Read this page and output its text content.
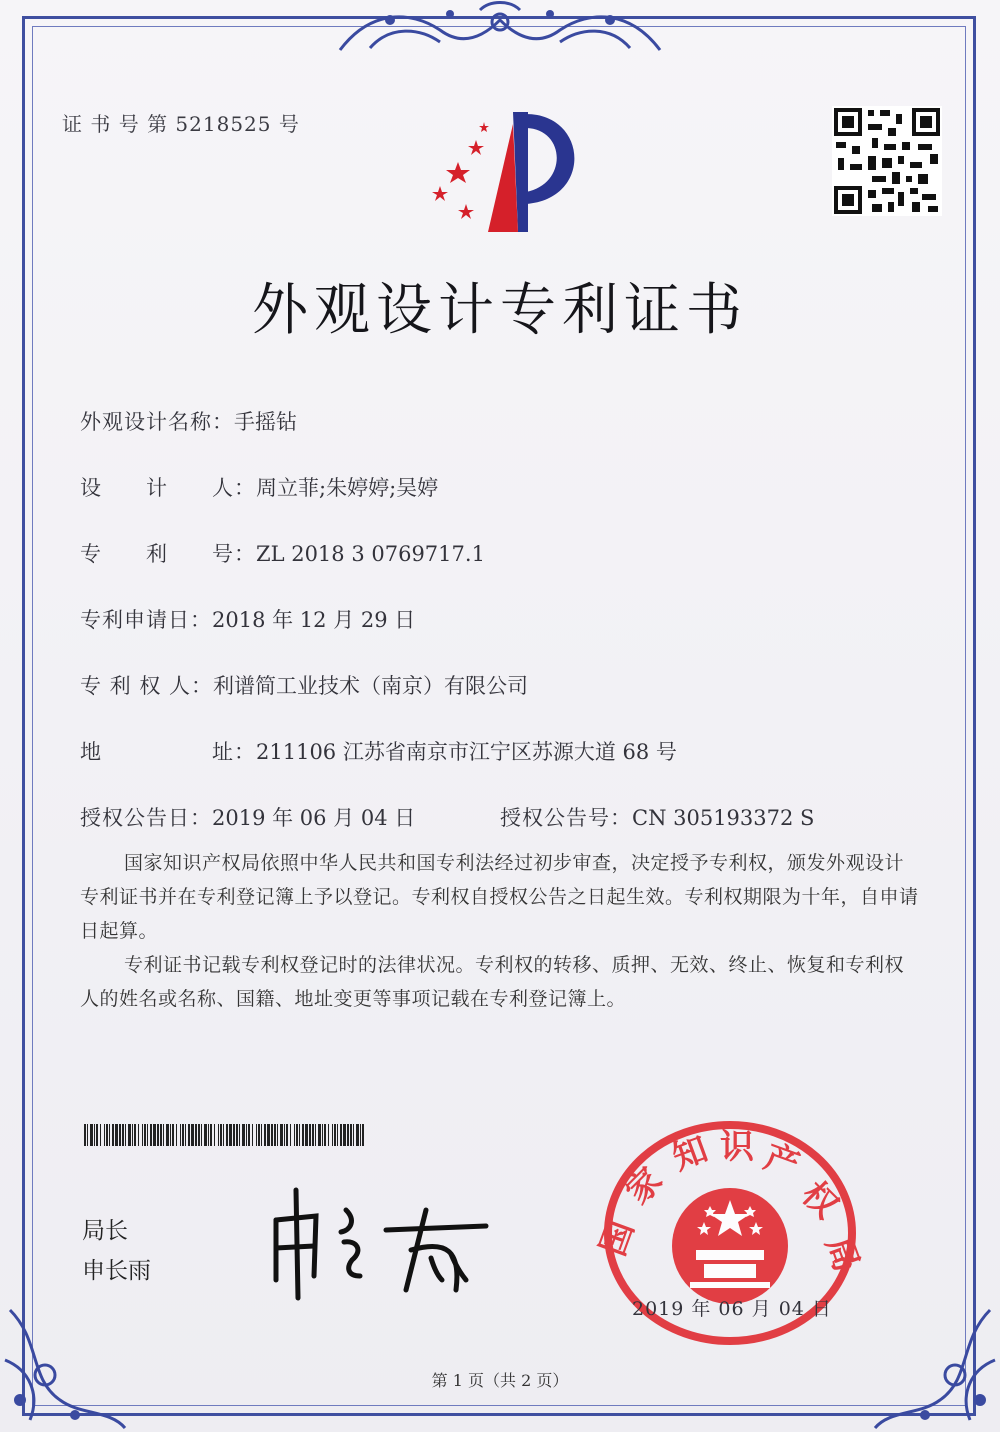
证 书 号 第 5218525 号
外观设计专利证书
外观设计名称：手摇钻
设　　计　　人：周立菲;朱婷婷;吴婷
专　　利　　号：ZL 2018 3 0769717.1
专利申请日：2018 年 12 月 29 日
专 利 权 人：利谱简工业技术（南京）有限公司
地　　　　　址：211106 江苏省南京市江宁区苏源大道 68 号
授权公告日：2019 年 06 月 04 日	授权公告号：CN 305193372 S
国家知识产权局依照中华人民共和国专利法经过初步审查，决定授予专利权，颁发外观设计专利证书并在专利登记簿上予以登记。专利权自授权公告之日起生效。专利权期限为十年，自申请日起算。
专利证书记载专利权登记时的法律状况。专利权的转移、质押、无效、终止、恢复和专利权人的姓名或名称、国籍、地址变更等事项记载在专利登记簿上。
局长
申长雨
国
家
知 识 产
权
局
2019 年 06 月 04 日
第 1 页（共 2 页）
